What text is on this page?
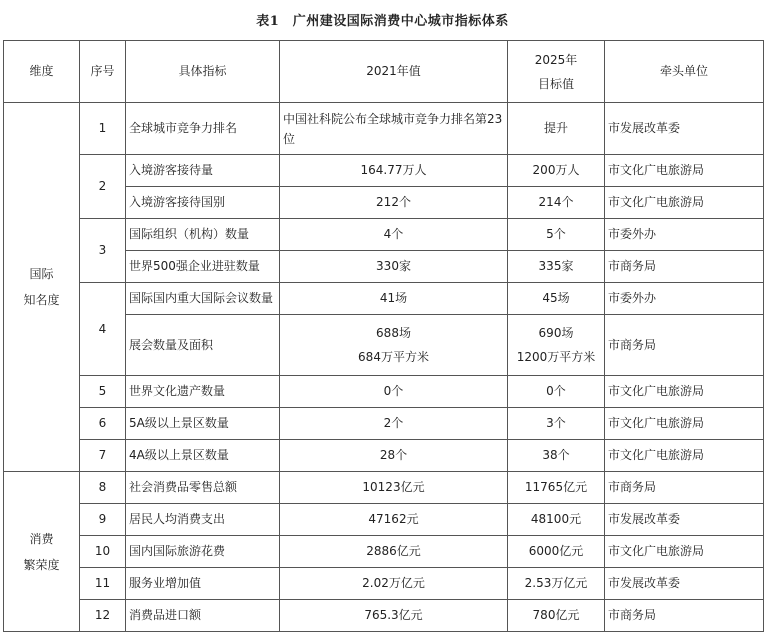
表1　广州建设国际消费中心城市指标体系
维度	序号	具体指标	2021年值	2025年
目标值	牵头单位
国际
知名度	1	全球城市竞争力排名	中国社科院公布全球城市竞争力排名第23位	提升	市发展改革委
	2	入境游客接待量	164.77万人	200万人	市文化广电旅游局
		入境游客接待国别	212个	214个	市文化广电旅游局
	3	国际组织（机构）数量	4个	5个	市委外办
		世界500强企业进驻数量	330家	335家	市商务局
	4	国际国内重大国际会议数量	41场	45场	市委外办
		展会数量及面积	688场
684万平方米	690场
1200万平方米	市商务局
	5	世界文化遗产数量	0个	0个	市文化广电旅游局
	6	5A级以上景区数量	2个	3个	市文化广电旅游局
	7	4A级以上景区数量	28个	38个	市文化广电旅游局
消费
繁荣度	8	社会消费品零售总额	10123亿元	11765亿元	市商务局
	9	居民人均消费支出	47162元	48100元	市发展改革委
	10	国内国际旅游花费	2886亿元	6000亿元	市文化广电旅游局
	11	服务业增加值	2.02万亿元	2.53万亿元	市发展改革委
	12	消费品进口额	765.3亿元	780亿元	市商务局
